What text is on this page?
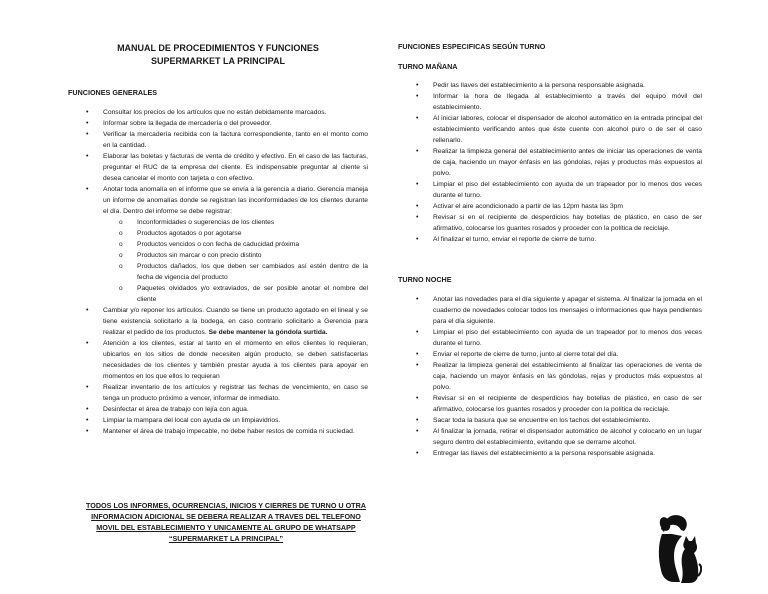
MANUAL DE PROCEDIMIENTOS Y FUNCIONES
SUPERMARKET LA PRINCIPAL
FUNCIONES GENERALES
• Consultar los precios de los artículos que no están debidamente marcados.
• Informar sobre la llegada de mercadería o del proveedor.
• Verificar la mercadería recibida con la factura correspondiente, tanto en el monto como en la cantidad.
• Elaborar las boletas y facturas de venta de crédito y efectivo. En el caso de las facturas, preguntar el RUC de la empresa del cliente. Es indispensable preguntar al cliente si desea cancelar el monto con tarjeta o con efectivo.
• Anotar toda anomalía en el informe que se envía a la gerencia a diario. Gerencia maneja un informe de anomalías donde se registran las inconformidades de los clientes durante el día. Dentro del informe se debe registrar:
o Inconformidades o sugerencias de los clientes
o Productos agotados o por agotarse
o Productos vencidos o con fecha de caducidad próxima
o Productos sin marcar o con precio distinto
o Productos dañados, los que deben ser cambiados así estén dentro de la fecha de vigencia del producto
o Paquetes olvidados y/o extraviados, de ser posible anotar el nombre del cliente
• Cambiar y/o reponer los artículos. Cuando se tiene un producto agotado en el lineal y se tiene existencia solicitarlo a la bodega, en caso contrario solicitarlo a Gerencia para realizar el pedido de los productos. Se debe mantener la góndola surtida.
• Atención a los clientes, estar al tanto en el momento en ellos clientes lo requieran, ubicarlos en los sitios de donde necesiten algún producto, se deben satisfacerlas necesidades de los clientes y también prestar ayuda a los clientes para apoyar en momentos en los que ellos lo requieran
• Realizar inventario de los artículos y registrar las fechas de vencimiento, en caso se tenga un producto próximo a vencer, informar de inmediato.
• Desinfectar el área de trabajo con lejía con agua.
• Limpiar la mampara del local con ayuda de un limpiavidrios.
• Mantener el área de trabajo impecable, no debe haber restos de comida ni suciedad.
TODOS LOS INFORMES, OCURRENCIAS, INICIOS Y CIERRES DE TURNO U OTRA INFORMACION ADICIONAL SE DEBERA REALIZAR A TRAVES DEL TELEFONO MOVIL DEL ESTABLECIMIENTO Y UNICAMENTE AL GRUPO DE WHATSAPP “SUPERMARKET LA PRINCIPAL”
FUNCIONES ESPECIFICAS SEGÚN TURNO
TURNO MAÑANA
• Pedir las llaves del establecimiento a la persona responsable asignada.
• Informar la hora de llegada al establecimiento a través del equipo móvil del establecimiento.
• Al iniciar labores, colocar el dispensador de alcohol automático en la entrada principal del establecimiento verificando antes que éste cuente con alcohol puro o de ser el caso rellenarlo.
• Realizar la limpieza general del establecimiento antes de iniciar las operaciones de venta de caja, haciendo un mayor énfasis en las góndolas, rejas y productos más expuestos al polvo.
• Limpiar el piso del establecimiento con ayuda de un trapeador por lo menos dos veces durante el turno.
• Activar el aire acondicionado a partir de las 12pm hasta las 3pm
• Revisar si en el recipiente de desperdicios hay botellas de plástico, en caso de ser afirmativo, colocarse los guantes rosados y proceder con la política de reciclaje.
• Al finalizar el turno, enviar el reporte de cierre de turno.
TURNO NOCHE
• Anotar las novedades para el día siguiente y apagar el sistema. Al finalizar la jornada en el cuaderno de novedades colocar todos los mensajes o informaciones que haya pendientes para el día siguiente.
• Limpiar el piso del establecimiento con ayuda de un trapeador por lo menos dos veces durante el turno.
• Enviar el reporte de cierre de turno, junto al cierre total del día.
• Realizar la limpieza general del establecimiento al finalizar las operaciones de venta de caja, haciendo un mayor énfasis en las góndolas, rejas y productos más expuestos al polvo.
• Revisar si en el recipiente de desperdicios hay botellas de plástico, en caso de ser afirmativo, colocarse los guantes rosados y proceder con la política de reciclaje.
• Sacar toda la basura que se encuentre en los tachos del establecimiento.
• Al finalizar la jornada, retirar el dispensador automático de alcohol y colocarlo en un lugar seguro dentro del establecimiento, evitando que se derrame alcohol.
• Entregar las llaves del establecimiento a la persona responsable asignada.
